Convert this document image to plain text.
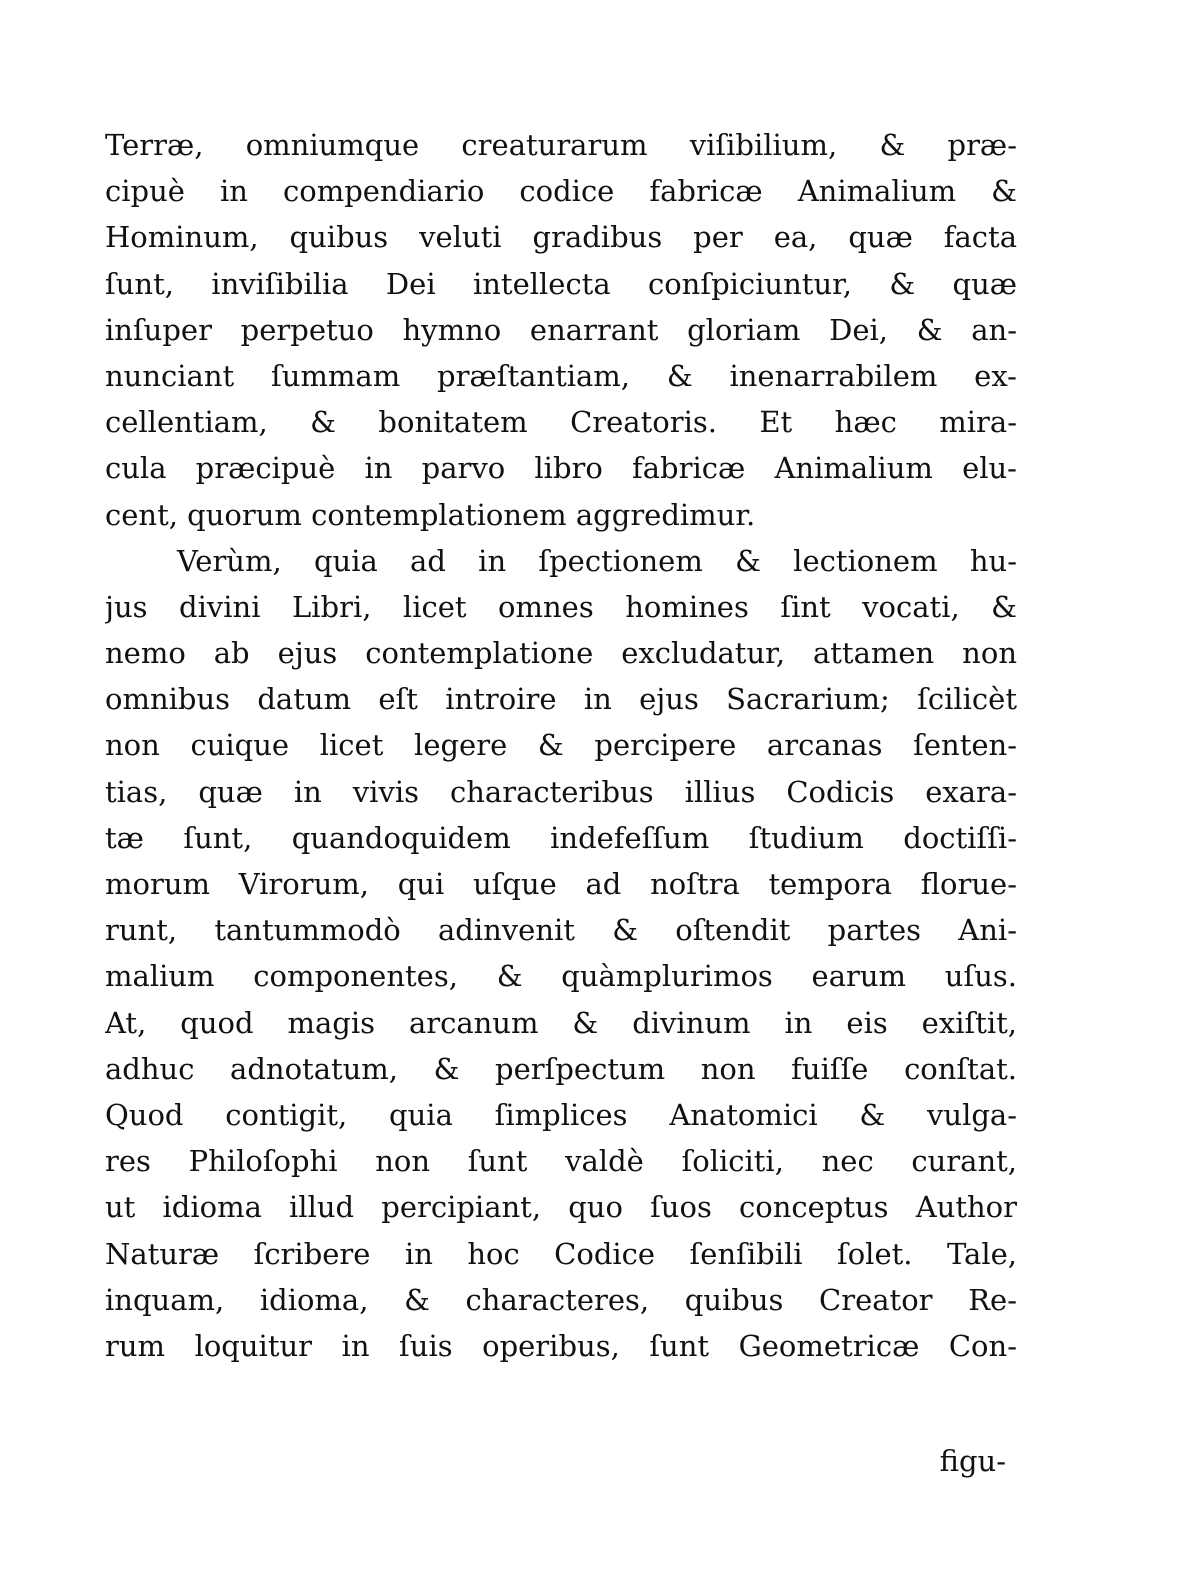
Terræ, omniumque creaturarum viſibilium, & præ-
cipuè in compendiario codice fabricæ Animalium &
Hominum, quibus veluti gradibus per ea, quæ facta
ſunt, inviſibilia Dei intellecta conſpiciuntur, & quæ
inſuper perpetuo hymno enarrant gloriam Dei, & an-
nunciant ſummam præſtantiam, & inenarrabilem ex-
cellentiam, & bonitatem Creatoris. Et hæc mira-
cula præcipuè in parvo libro fabricæ Animalium elu-
cent, quorum contemplationem aggredimur.
Verùm, quia ad in ſpectionem & lectionem hu-
jus divini Libri, licet omnes homines ſint vocati, &
nemo ab ejus contemplatione excludatur, attamen non
omnibus datum eſt introire in ejus Sacrarium; ſcilicèt
non cuique licet legere & percipere arcanas ſenten-
tias, quæ in vivis characteribus illius Codicis exara-
tæ ſunt, quandoquidem indefeſſum ſtudium doctiſſi-
morum Virorum, qui uſque ad noſtra tempora florue-
runt, tantummodò adinvenit & oſtendit partes Ani-
malium componentes, & quàmplurimos earum uſus.
At, quod magis arcanum & divinum in eis exiſtit,
adhuc adnotatum, & perſpectum non fuiſſe conſtat.
Quod contigit, quia ſimplices Anatomici & vulga-
res Philoſophi non ſunt valdè ſoliciti, nec curant,
ut idioma illud percipiant, quo ſuos conceptus Author
Naturæ ſcribere in hoc Codice ſenſibili ſolet. Tale,
inquam, idioma, & characteres, quibus Creator Re-
rum loquitur in ſuis operibus, ſunt Geometricæ Con-
figu-
